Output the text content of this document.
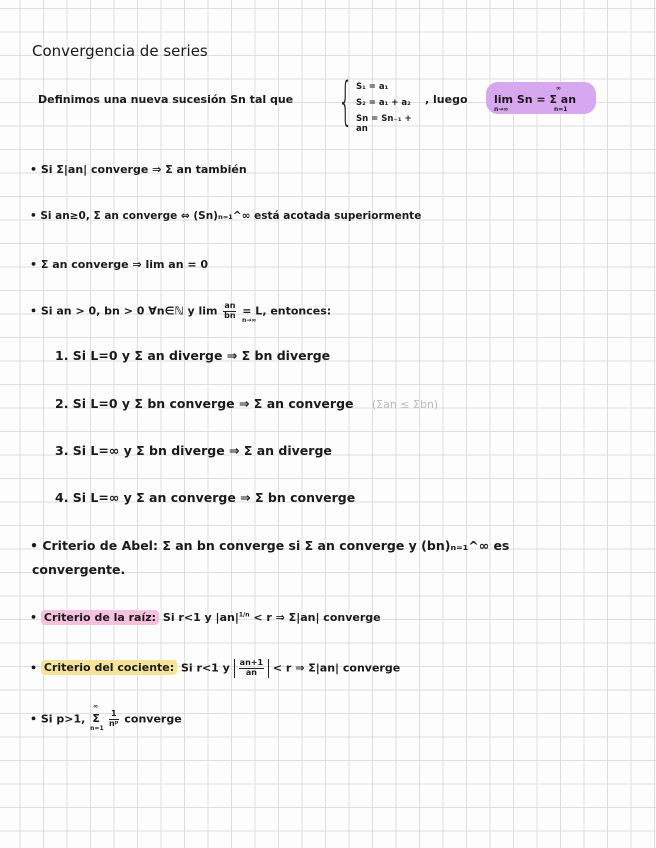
Convergencia de series
Definimos una nueva sucesión Sn tal que { S₁ = a₁
S₂ = a₁ + a₂
Sn = Sn₋₁ + an
, luego lim Sn = Σ an
n→∞
∞
n=1
• Si Σ|an| converge ⇒ Σ an también
• Si an≥0, Σ an converge ⇔ (Sn)ₙ₌₁^∞ está acotada superiormente
• Σ an converge ⇒ lim an = 0
• Si an > 0, bn > 0 ∀n∈ℕ y $\lim \frac{an}{bn} = L$, entonces:
n→∞
1. Si L=0 y Σ an diverge ⇒ Σ bn diverge
2. Si L=0 y Σ bn converge ⇒ Σ an converge (Σan ≤ Σbn)
3. Si L=∞ y Σ bn diverge ⇒ Σ an diverge
4. Si L=∞ y Σ an converge ⇒ Σ bn converge
• Criterio de Abel: Σ an bn converge si Σ an converge y (bn)ₙ₌₁^∞ es
convergente.
• Criterio de la raíz: Si r<1 y $|an|^{1/n} < r$ ⇒ Σ|an| converge
• Criterio del cociente: Si r<1 y $\frac{an+1}{an} < r$ ⇒ Σ|an| converge
• Si p>1,
∞
Σ
n=1

$\frac{1}{\text{nᵖ}}$ converge
